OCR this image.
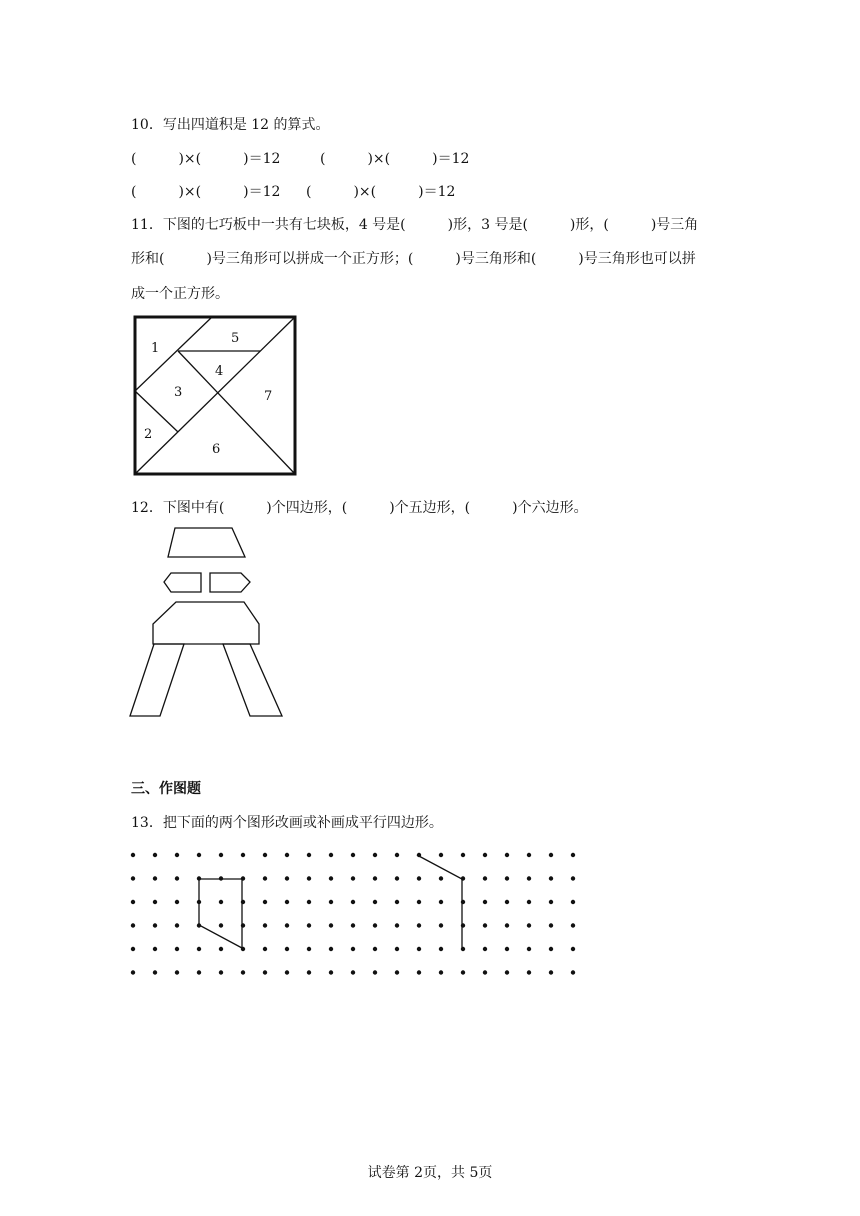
10．写出四道积是 12 的算式。
(　　　)×(　　　)＝12	(　　　)×(　　　)＝12
(　　　)×(　　　)＝12 (　　　)×(　　　)＝12
11．下图的七巧板中一共有七块板，4 号是(　　　)形，3 号是(　　　)形，(　　　)号三角
形和(　　　)号三角形可以拼成一个正方形；(　　　)号三角形和(　　　)号三角形也可以拼
成一个正方形。
1
2
3
4
5
6
7
12．下图中有(　　　)个四边形，(　　　)个五边形，(　　　)个六边形。
三、作图题
13．把下面的两个图形改画或补画成平行四边形。
试卷第 2页，共 5页
